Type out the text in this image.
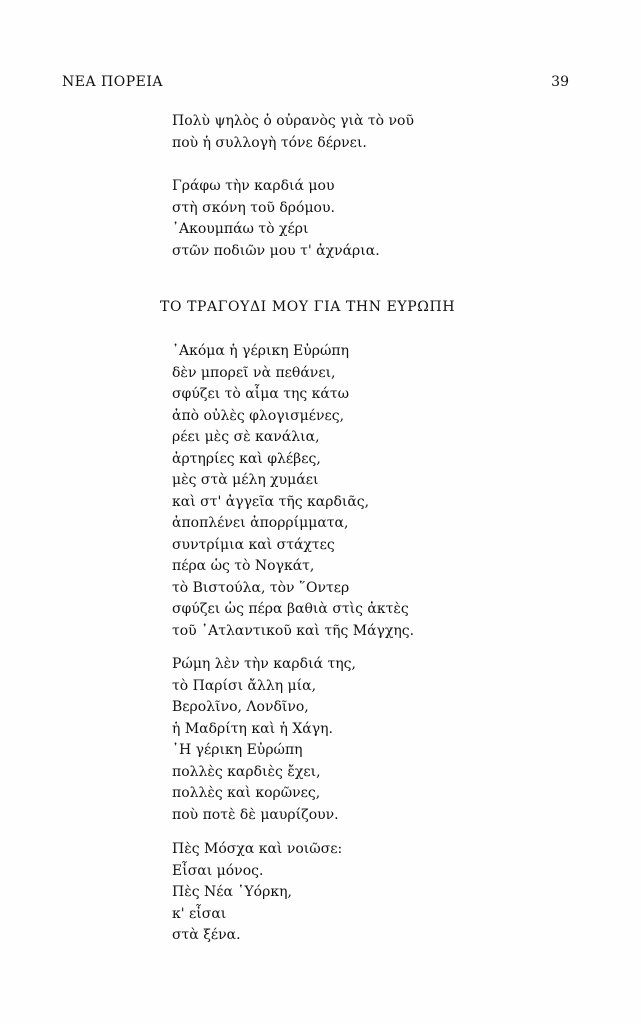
ΝΕΑ ΠΟΡΕΙΑ	39
Πολὺ ψηλὸς ὁ οὐρανὸς γιὰ τὸ νοῦ
ποὺ ἡ συλλογὴ τόνε δέρνει.
Γράφω τὴν καρδιά μου
στὴ σκόνη τοῦ δρόμου.
᾿Ακουμπάω τὸ χέρι
στῶν ποδιῶν μου τ' ἀχνάρια.
ΤΟ ΤΡΑΓΟΥΔΙ ΜΟΥ ΓΙΑ ΤΗΝ ΕΥΡΩΠΗ
᾿Ακόμα ἡ γέρικη Εὐρώπη
δὲν μπορεῖ νὰ πεθάνει,
σφύζει τὸ αἷμα της κάτω
ἀπὸ οὐλὲς φλογισμένες,
ρέει μὲς σὲ κανάλια,
ἀρτηρίες καὶ φλέβες,
μὲς στὰ μέλη χυμάει
καὶ στ' ἀγγεῖα τῆς καρδιᾶς,
ἀποπλένει ἀπορρίμματα,
συντρίμια καὶ στάχτες
πέρα ὡς τὸ Νογκάτ,
τὸ Βιστούλα, τὸν ῞Οντερ
σφύζει ὡς πέρα βαθιὰ στὶς ἀκτὲς
τοῦ ᾿Ατλαντικοῦ καὶ τῆς Μάγχης.
Ρώμη λὲν τὴν καρδιά της,
τὸ Παρίσι ἄλλη μία,
Βερολῖνο, Λονδῖνο,
ἡ Μαδρίτη καὶ ἡ Χάγη.
῾Η γέρικη Εὐρώπη
πολλὲς καρδιὲς ἔχει,
πολλὲς καὶ κορῶνες,
ποὺ ποτὲ δὲ μαυρίζουν.
Πὲς Μόσχα καὶ νοιῶσε:
Εἶσαι μόνος.
Πὲς Νέα ῾Υόρκη,
κ' εἶσαι
στὰ ξένα.
